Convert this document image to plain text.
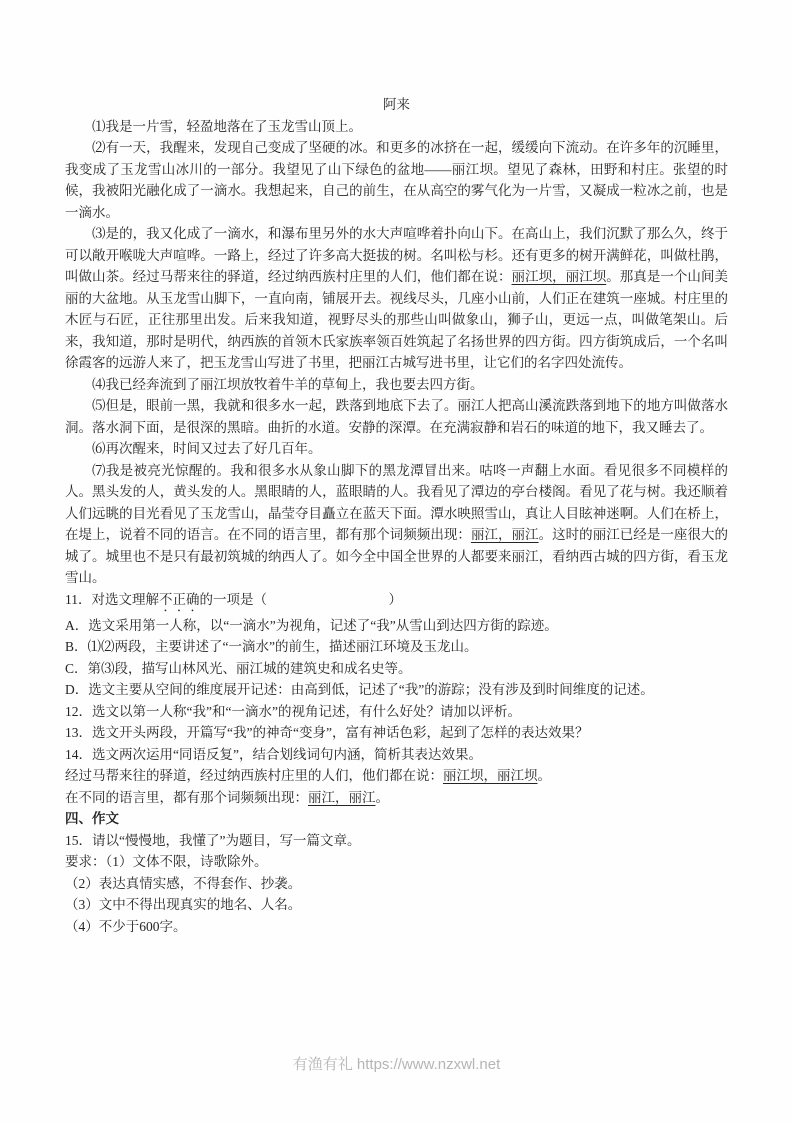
阿来
⑴我是一片雪，轻盈地落在了玉龙雪山顶上。
⑵有一天，我醒来，发现自己变成了坚硬的冰。和更多的冰挤在一起，缓缓向下流动。在许多年的沉睡里，我变成了玉龙雪山冰川的一部分。我望见了山下绿色的盆地——丽江坝。望见了森林，田野和村庄。张望的时候，我被阳光融化成了一滴水。我想起来，自己的前生，在从高空的雾气化为一片雪，又凝成一粒冰之前，也是一滴水。
⑶是的，我又化成了一滴水，和瀑布里另外的水大声喧哗着扑向山下。在高山上，我们沉默了那么久，终于可以敞开喉咙大声喧哗。一路上，经过了许多高大挺拔的树。名叫松与杉。还有更多的树开满鲜花，叫做杜鹃，叫做山茶。经过马帮来往的驿道，经过纳西族村庄里的人们，他们都在说：丽江坝，丽江坝。那真是一个山间美丽的大盆地。从玉龙雪山脚下，一直向南，铺展开去。视线尽头，几座小山前，人们正在建筑一座城。村庄里的木匠与石匠，正往那里出发。后来我知道，视野尽头的那些山叫做象山，狮子山，更远一点，叫做笔架山。后来，我知道，那时是明代，纳西族的首领木氏家族率领百姓筑起了名扬世界的四方街。四方街筑成后，一个名叫徐霞客的远游人来了，把玉龙雪山写进了书里，把丽江古城写进书里，让它们的名字四处流传。
⑷我已经奔流到了丽江坝放牧着牛羊的草甸上，我也要去四方街。
⑸但是，眼前一黑，我就和很多水一起，跌落到地底下去了。丽江人把高山溪流跌落到地下的地方叫做落水洞。落水洞下面，是很深的黑暗。曲折的水道。安静的深潭。在充满寂静和岩石的味道的地下，我又睡去了。
⑹再次醒来，时间又过去了好几百年。
⑺我是被亮光惊醒的。我和很多水从象山脚下的黑龙潭冒出来。咕咚一声翻上水面。看见很多不同模样的人。黑头发的人，黄头发的人。黑眼睛的人，蓝眼睛的人。我看见了潭边的亭台楼阁。看见了花与树。我还顺着人们远眺的目光看见了玉龙雪山，晶莹夺目矗立在蓝天下面。潭水映照雪山，真让人目眩神迷啊。人们在桥上，在堤上，说着不同的语言。在不同的语言里，都有那个词频频出现：丽江，丽江。这时的丽江已经是一座很大的城了。城里也不是只有最初筑城的纳西人了。如今全中国全世界的人都要来丽江，看纳西古城的四方街，看玉龙雪山。
11．对选文理解不正确的一项是（　　　　　　　　　）
A．选文采用第一人称，以“一滴水”为视角，记述了“我”从雪山到达四方街的踪迹。
B．⑴⑵两段，主要讲述了“一滴水”的前生，描述丽江环境及玉龙山。
C．第⑶段，描写山林风光、丽江城的建筑史和成名史等。
D．选文主要从空间的维度展开记述：由高到低，记述了“我”的游踪；没有涉及到时间维度的记述。
12．选文以第一人称“我”和“一滴水”的视角记述，有什么好处？请加以评析。
13．选文开头两段，开篇写“我”的神奇“变身”，富有神话色彩，起到了怎样的表达效果？
14．选文两次运用“同语反复”，结合划线词句内涵，简析其表达效果。
经过马帮来往的驿道，经过纳西族村庄里的人们，他们都在说：丽江坝，丽江坝。
在不同的语言里，都有那个词频频出现：丽江，丽江。
四、作文
15．请以“慢慢地，我懂了”为题目，写一篇文章。
要求：（1）文体不限，诗歌除外。
（2）表达真情实感，不得套作、抄袭。
（3）文中不得出现真实的地名、人名。
（4）不少于600字。
有渔有礼 https://www.nzxwl.net
